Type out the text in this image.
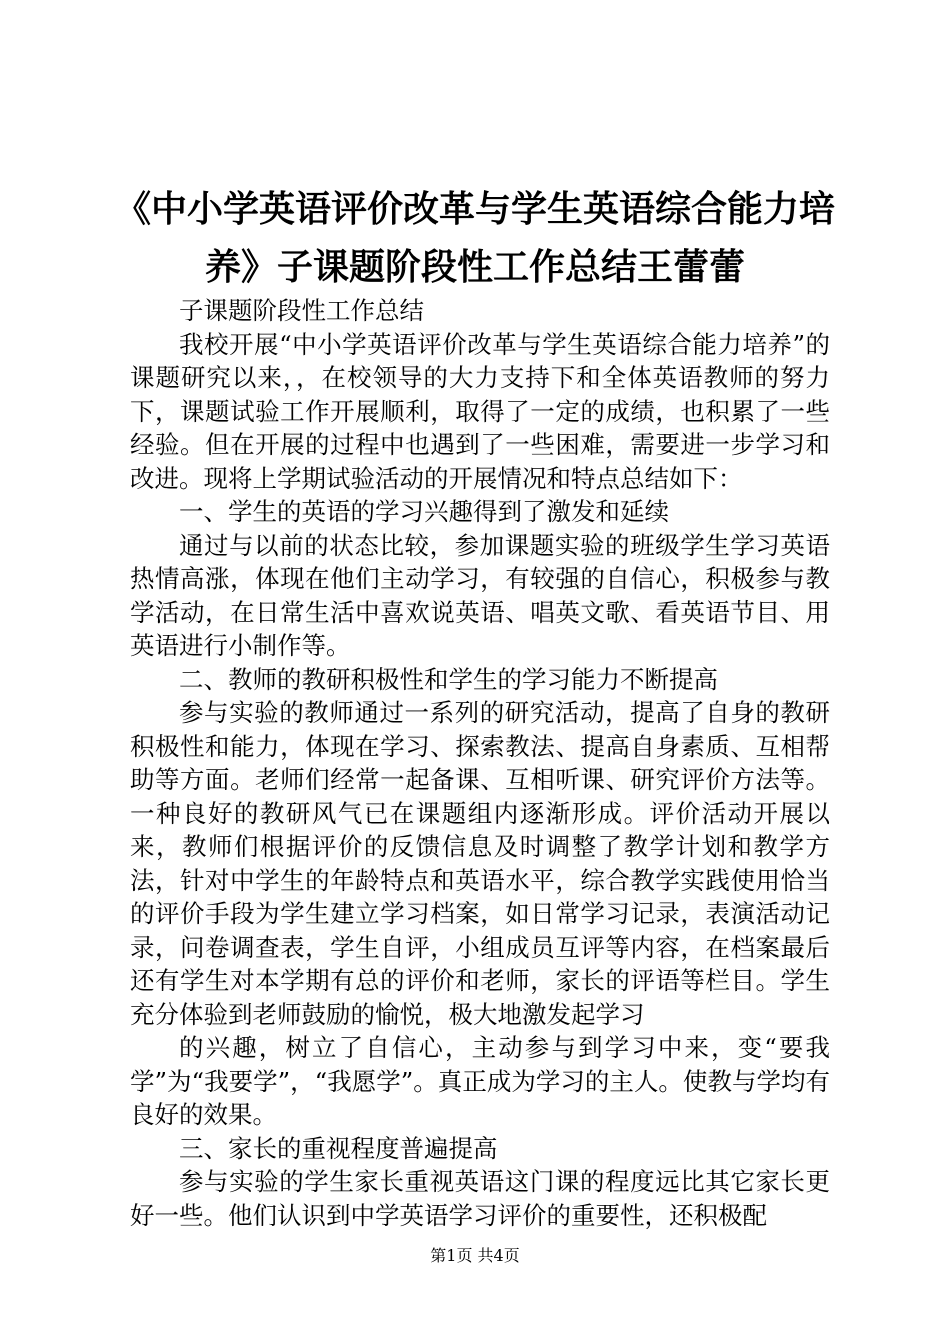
《中小学英语评价改革与学生英语综合能力培
养》子课题阶段性工作总结王蕾蕾

子课题阶段性工作总结

我校开展“中小学英语评价改革与学生英语综合能力培养”的课题研究以来，，在校领导的大力支持下和全体英语教师的努力下，课题试验工作开展顺利，取得了一定的成绩，也积累了一些经验。但在开展的过程中也遇到了一些困难，需要进一步学习和改进。现将上学期试验活动的开展情况和特点总结如下：

一、学生的英语的学习兴趣得到了激发和延续

通过与以前的状态比较，参加课题实验的班级学生学习英语热情高涨，体现在他们主动学习，有较强的自信心，积极参与教学活动，在日常生活中喜欢说英语、唱英文歌、看英语节目、用英语进行小制作等。

二、教师的教研积极性和学生的学习能力不断提高

参与实验的教师通过一系列的研究活动，提高了自身的教研积极性和能力，体现在学习、探索教法、提高自身素质、互相帮助等方面。老师们经常一起备课、互相听课、研究评价方法等。一种良好的教研风气已在课题组内逐渐形成。评价活动开展以来，教师们根据评价的反馈信息及时调整了教学计划和教学方法，针对中学生的年龄特点和英语水平，综合教学实践使用恰当的评价手段为学生建立学习档案，如日常学习记录，表演活动记录，问卷调查表，学生自评，小组成员互评等内容，在档案最后还有学生对本学期有总的评价和老师，家长的评语等栏目。学生充分体验到老师鼓励的愉悦，极大地激发起学习

的兴趣，树立了自信心，主动参与到学习中来，变“要我学”为“我要学”，“我愿学”。真正成为学习的主人。使教与学均有良好的效果。

三、家长的重视程度普遍提高

参与实验的学生家长重视英语这门课的程度远比其它家长更好一些。他们认识到中学英语学习评价的重要性，还积极配

第1页 共4页
